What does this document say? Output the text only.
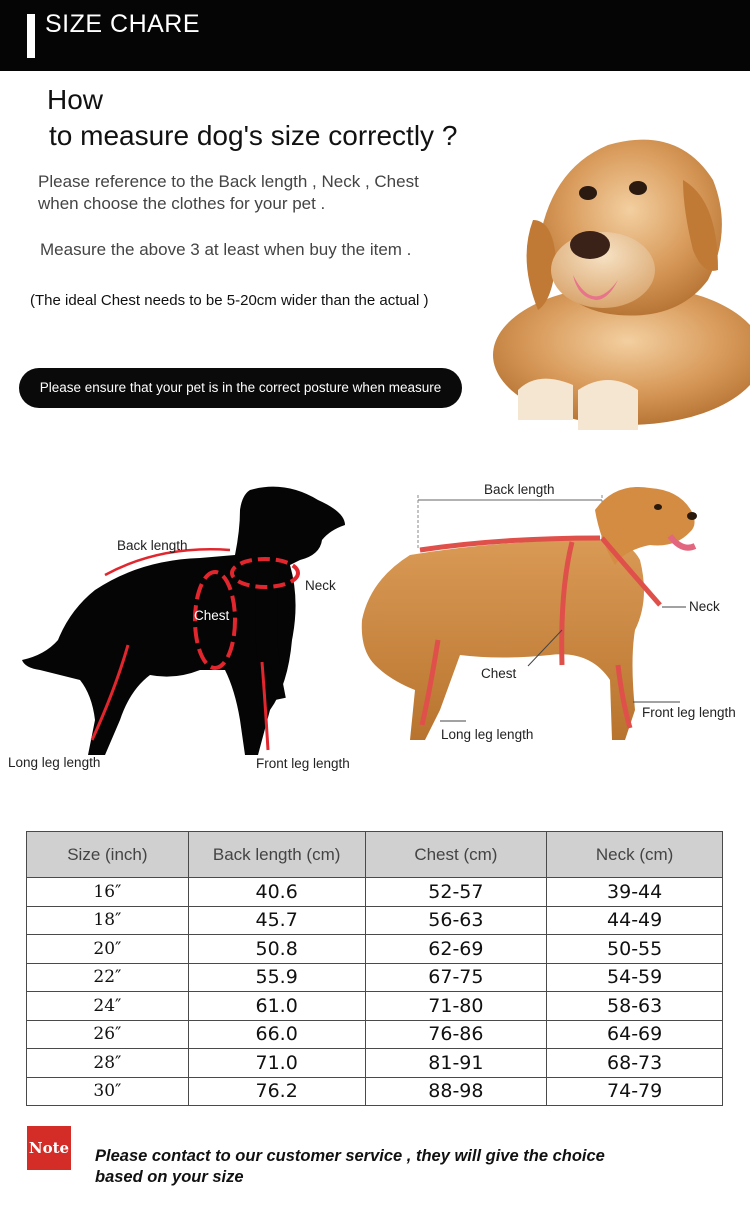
SIZE CHARE
How
to measure dog's size correctly ?
Please reference to the Back length , Neck , Chest
when choose the clothes for your pet .
Measure the above 3 at least when buy the item .
(The ideal Chest needs to be 5-20cm wider than the actual )
Please ensure that your pet is in the correct posture when measure
Back length
Neck
Chest
Long leg length	Front leg length
Back length
Neck
Chest
Long leg length
Front leg length
Size (inch)	Back length (cm)	Chest (cm)	Neck (cm)
16″	40.6	52-57	39-44
18″	45.7	56-63	44-49
20″	50.8	62-69	50-55
22″	55.9	67-75	54-59
24″	61.0	71-80	58-63
26″	66.0	76-86	64-69
28″	71.0	81-91	68-73
30″	76.2	88-98	74-79
Note Please contact to our customer service , they will give the choice
based on your size
